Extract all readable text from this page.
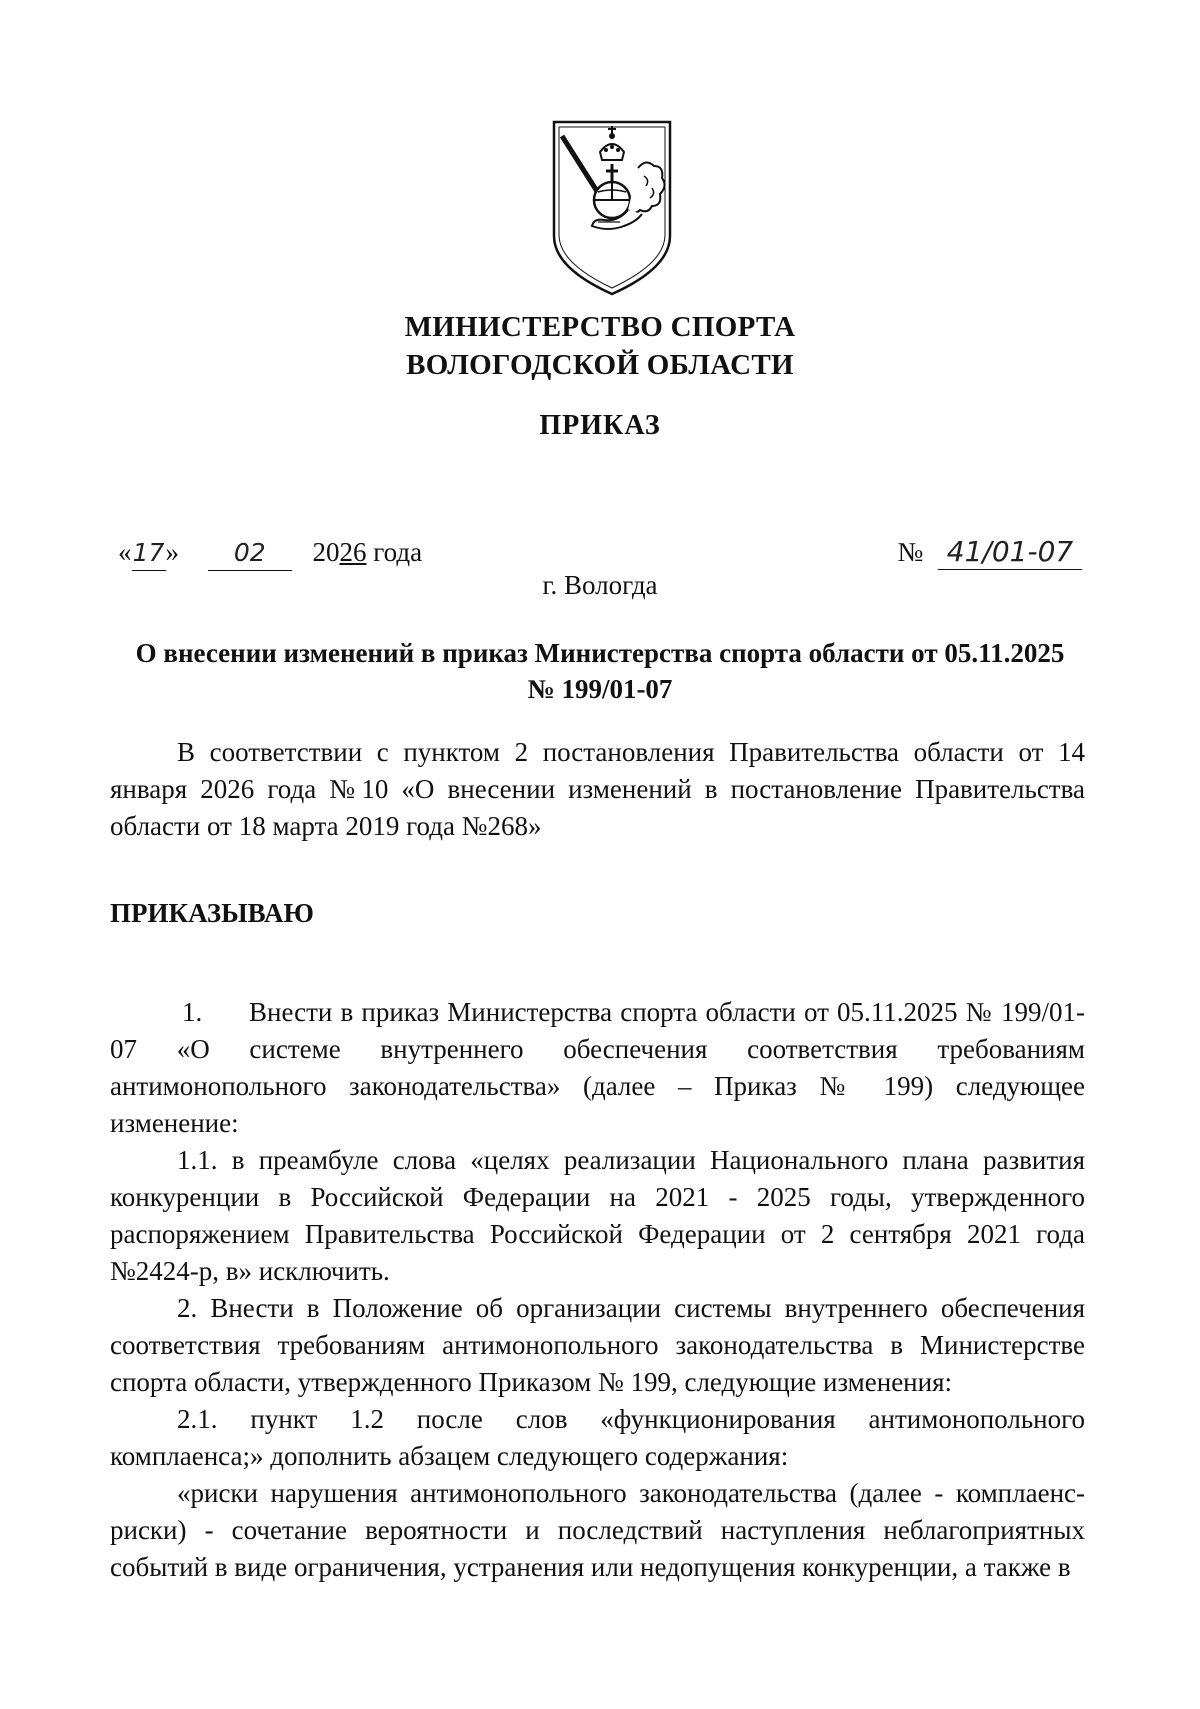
МИНИСТЕРСТВО СПОРТА
ВОЛОГОДСКОЙ ОБЛАСТИ
ПРИКАЗ
«17» 02 2026 года	№ 41/01-07
г. Вологда
О внесении изменений в приказ Министерства спорта области от 05.11.2025
№ 199/01-07

В соответствии с пунктом 2 постановления Правительства области от 14 января 2026 года №10 «О внесении изменений в постановление Правительства области от 18 марта 2019 года №268»

ПРИКАЗЫВАЮ

1. Внести в приказ Министерства спорта области от 05.11.2025 № 199/01-07 «О системе внутреннего обеспечения соответствия требованиям антимонопольного законодательства» (далее – Приказ № 199) следующее изменение:

1.1. в преамбуле слова «целях реализации Национального плана развития конкуренции в Российской Федерации на 2021 - 2025 годы, утвержденного распоряжением Правительства Российской Федерации от 2 сентября 2021 года №2424-р, в» исключить.

2. Внести в Положение об организации системы внутреннего обеспечения соответствия требованиям антимонопольного законодательства в Министерстве спорта области, утвержденного Приказом № 199, следующие изменения:

2.1. пункт 1.2 после слов «функционирования антимонопольного комплаенса;» дополнить абзацем следующего содержания:

«риски нарушения антимонопольного законодательства (далее - комплаенс-риски) - сочетание вероятности и последствий наступления неблагоприятных событий в виде ограничения, устранения или недопущения конкуренции, а также в
